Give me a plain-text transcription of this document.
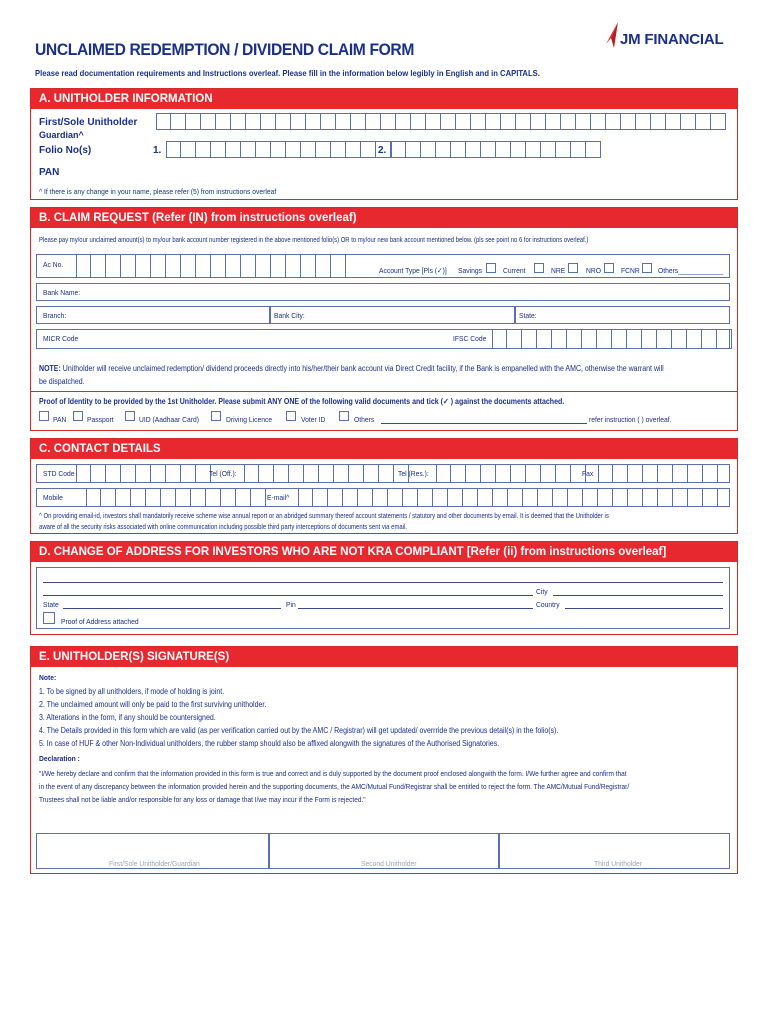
UNCLAIMED REDEMPTION / DIVIDEND CLAIM FORM
JM FINANCIAL
Please read documentation requirements and Instructions overleaf. Please fill in the information below legibly in English and in CAPITALS.
A. UNITHOLDER INFORMATION
First/Sole Unitholder
Guardian^
Folio No(s)	1.	2.
PAN
^ If there is any change in your name, please refer (5) from instructions overleaf
B. CLAIM REQUEST (Refer (IN) from instructions overleaf)
Please pay my/our unclaimed amount(s) to my/our bank account number registered in the above mentioned folio(s) OR to my/our new bank account mentioned below. (pls see point no 6 for instructions overleaf.)
Ac No.
Account Type [Pls (✓)] Savings	Current	NRE	NRO	FCNR Others____________
Bank Name:
Branch:	Bank City:	State:
MICR Code	IFSC Code
NOTE: Unitholder will receive unclaimed redemption/ dividend proceeds directly into his/her/their bank account via Direct Credit facility, if the Bank is empanelled with the AMC, otherwise the warrant will
be dispatched.
Proof of Identity to be provided by the 1st Unitholder. Please submit ANY ONE of the following valid documents and tick (✓ ) against the documents attached.
PAN	Passport	UID (Aadhaar Card)	Driving Licence	Voter ID	Others	refer instruction ( ) overleaf.
C. CONTACT DETAILS
STD Code	Tel (Off.):	Tel (Res.):	Fax
Mobile	E-mail^
^ On providing email-id, investors shall mandatorily receive scheme wise annual report or an abridged summary thereof account statements / statutory and other documents by email. It is deemed that the Unitholder is
aware of all the security risks associated with online communication including possible third party interceptions of documents sent via email.
D. CHANGE OF ADDRESS FOR INVESTORS WHO ARE NOT KRA COMPLIANT [Refer (ii) from instructions overleaf]
City
State	Pin	Country
Proof of Address attached
E. UNITHOLDER(S) SIGNATURE(S)
Note:
1. To be signed by all unitholders, if mode of holding is joint.
2. The unclaimed amount will only be paid to the first surviving unitholder.
3. Alterations in the form, if any should be countersigned.
4. The Details provided in this form which are valid (as per verification carried out by the AMC / Registrar) will get updated/ overrride the previous detail(s) in the folio(s).
5. In case of HUF & other Non-Individual unitholders, the rubber stamp should also be affixed alongwith the signatures of the Authorised Signatories.
Declaration :
"I/We hereby declare and confirm that the information provided in this form is true and correct and is duly supported by the document proof enclosed alongwith the form. I/We further agree and confirm that
in the event of any discrepancy between the information provided herein and the supporting documents, the AMC/Mutual Fund/Registrar shall be entitled to reject the form. The AMC/Mutual Fund/Registrar/
Trustees shall not be liable and/or responsible for any loss or damage that I/we may incur if the Form is rejected."
First/Sole Unitholder/Guardian	Second Unitholder	Third Unitholder
